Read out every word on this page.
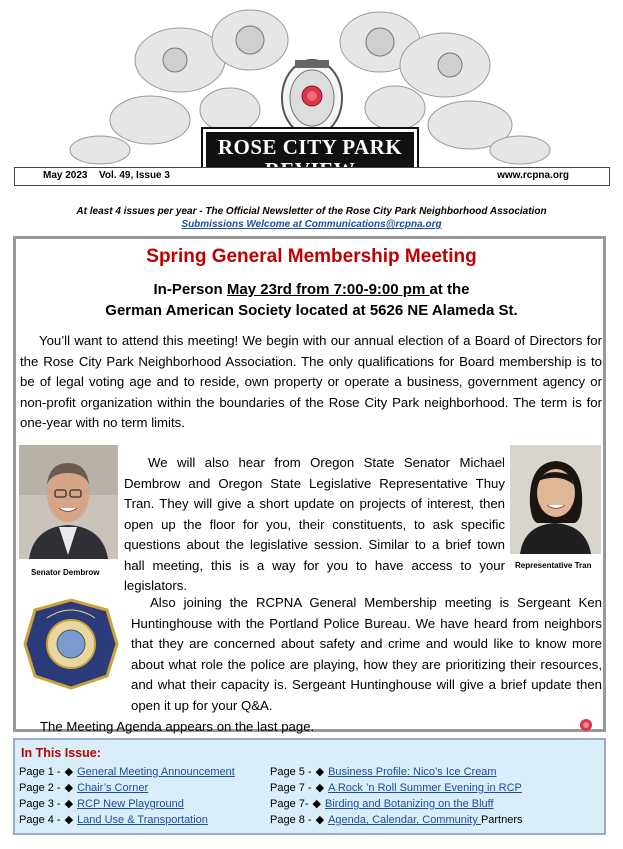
ROSE CITY PARK
May 2023 Vol. 49, Issue 3	www.rcpna.org
At least 4 issues per year - The Official Newsletter of the Rose City Park Neighborhood Association
Submissions Welcome at Communications@rcpna.org
Spring General Membership Meeting
In-Person May 23rd from 7:00-9:00 pm at the
German American Society located at 5626 NE Alameda St.
You’ll want to attend this meeting! We begin with our annual election of a Board of Directors for the Rose City Park Neighborhood Association. The only qualifications for Board membership is to be of legal voting age and to reside, own property or operate a business, government agency or non-profit organization within the boundaries of the Rose City Park neighborhood. The term is for one-year with no term limits.
Senator Dembrow
We will also hear from Oregon State Senator Michael Dembrow and Oregon State Legislative Representative Thuy Tran. They will give a short update on projects of interest, then open up the floor for you, their constituents, to ask specific questions about the legislative session. Similar to a brief town hall meeting, this is a way for you to have access to your legislators.
Representative Tran
Also joining the RCPNA General Membership meeting is Sergeant Ken Huntinghouse with the Portland Police Bureau. We have heard from neighbors that they are concerned about safety and crime and would like to know more about what role the police are playing, how they are prioritizing their resources, and what their capacity is. Sergeant Huntinghouse will give a brief update then open it up for your Q&A.
The Meeting Agenda appears on the last page.
In This Issue:
Page 1 - ◆ General Meeting Announcement
Page 2 - ◆ Chair’s Corner
Page 3 - ◆ RCP New Playground
Page 4 - ◆ Land Use & Transportation
Page 5 - ◆ Business Profile: Nico’s Ice Cream
Page 7 - ◆ A Rock ’n Roll Summer Evening in RCP
Page 7- ◆ Birding and Botanizing on the Bluff
Page 8 - ◆ Agenda, Calendar, Community Partners
